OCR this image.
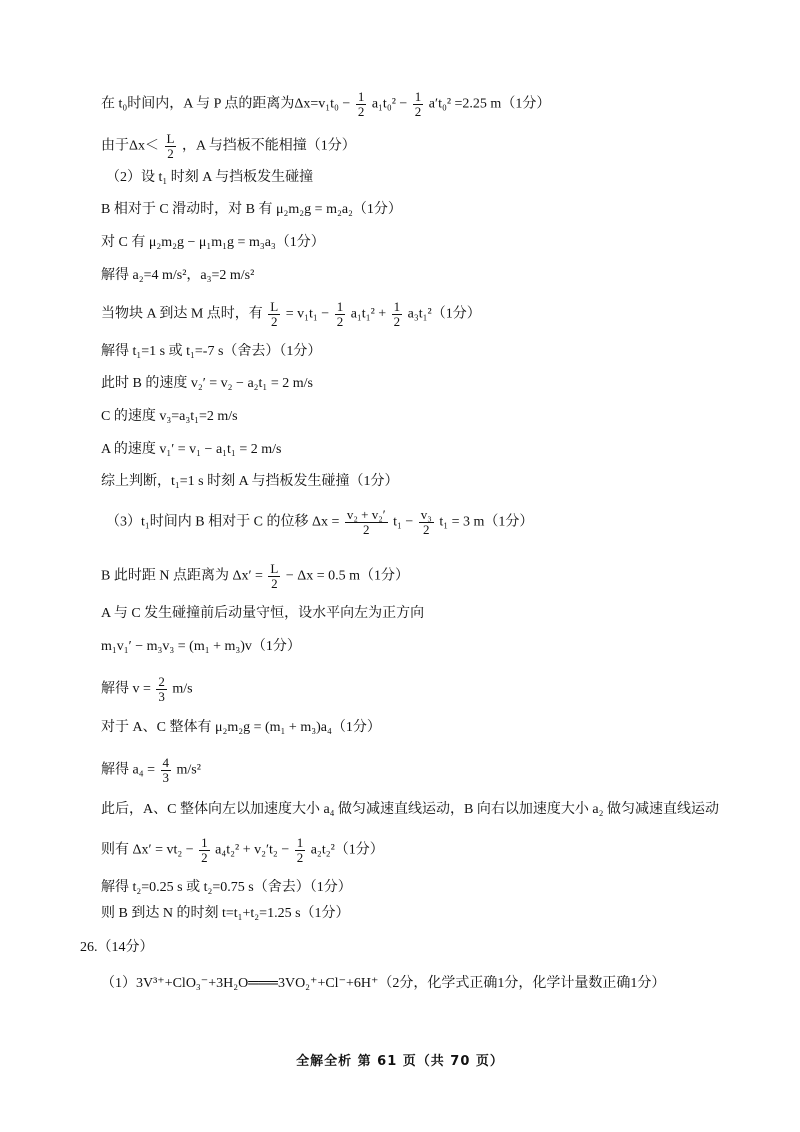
在 t₀时间内，A 与 P 点的距离为$\Delta x=v_1t_0 - \frac{1}{2} a_1t_0^2 - \frac{1}{2} a't_0^2 =2.25$ m（1分）
由于$\Delta x< \frac{L}{2}$ ，A 与挡板不能相撞（1分）
（2）设 t₁ 时刻 A 与挡板发生碰撞
B 相对于 C 滑动时，对 B 有 μ₂m₂g = m₂a₂（1分）
对 C 有 μ₂m₂g − μ₁m₁g = m₃a₃（1分）
解得 a₂=4 m/s²，a₃=2 m/s²
当物块 A 到达 M 点时，有 $\frac{L}{2} = v_1t_1 - \frac{1}{2} a_1t_1^2 + \frac{1}{2} a_3t_1^2(1$分）
解得 t₁=1 s 或 t₁=-7 s（舍去）（1分）
此时 B 的速度 v₂′ = v₂ − a₂t₁ = 2 m/s
C 的速度 v₃=a₃t₁=2 m/s
A 的速度 v₁′ = v₁ − a₁t₁ = 2 m/s
综上判断，t₁=1 s 时刻 A 与挡板发生碰撞（1分）
（3）t₁时间内 B 相对于 C 的位移 $\Delta x = \frac{\text{v₂ + v₂′}}{2} t_1 - \frac{\text{v₃}}{2} t_1 = 3$ m（1分）
B 此时距 N 点距离为 $\Delta x' = \frac{L}{2} - \Delta x = 0.5$ m（1分）
A 与 C 发生碰撞前后动量守恒，设水平向左为正方向
m₁v₁′ − m₃v₃ = (m₁ + m₃)v（1分）
解得 $v = \frac{2}{3} m/s$
对于 A、C 整体有 μ₂m₂g = (m₁ + m₃)a₄（1分）
解得 $a_4 = \frac{4}{3} m/s^2$
此后，A、C 整体向左以加速度大小 a₄ 做匀减速直线运动，B 向右以加速度大小 a₂ 做匀减速直线运动
则有 $\Delta x' = vt_2 - \frac{1}{2} a_4t_2^2 + v_2't_2 - \frac{1}{2} a_2t_2^2(1$分）
解得 t₂=0.25 s 或 t₂=0.75 s（舍去）（1分）
则 B 到达 N 的时刻 t=t₁+t₂=1.25 s（1分）
26.（14分）
（1）3V³⁺+ClO₃⁻+3H₂O═══3VO₂⁺+Cl⁻+6H⁺（2分，化学式正确1分，化学计量数正确1分）
全解全析 第 61 页（共 70 页）
